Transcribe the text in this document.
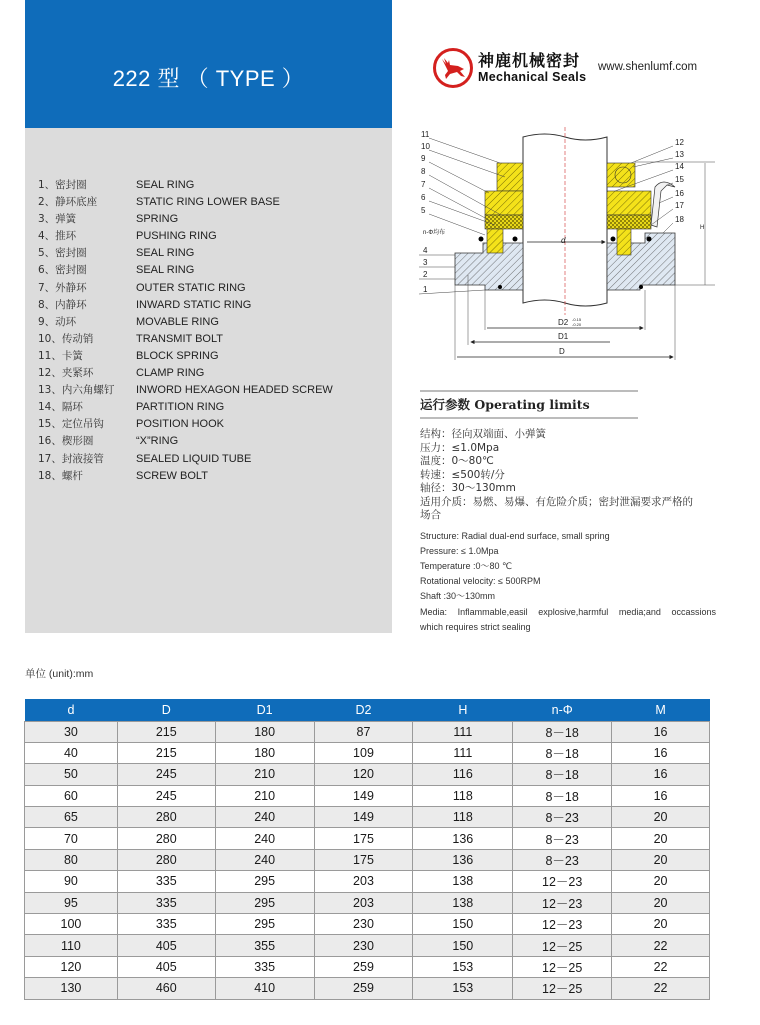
222 型 （ TYPE ）
1、密封圈	SEAL RING
2、静环底座	STATIC RING LOWER BASE
3、弹簧	SPRING
4、推环	PUSHING RING
5、密封圈	SEAL RING
6、密封圈	SEAL RING
7、外静环	OUTER STATIC RING
8、内静环	INWARD STATIC RING
9、动环	MOVABLE RING
10、传动销	TRANSMIT BOLT
11、卡簧	BLOCK SPRING
12、夹紧环	CLAMP RING
13、内六角螺钉 INWORD HEXAGON HEADED SCREW
14、隔环	PARTITION RING
15、定位吊钩	POSITION HOOK
16、楔形圈	“X”RING
17、封液接管	SEALED LIQUID TUBE
18、螺杆	SCREW BOLT
神鹿机械密封
Mechanical Seals
www.shenlumf.com
11
10
9
8
7
6
5
4
3
2
1
n-Φ均布
12
13
14
15
16
17
18
d
D2 -0.15
-0.20
D1
D
H
运行参数 Operating limits
结构：径向双端面、小弹簧
压力：≤1.0Mpa
温度：0～80℃
转速：≤500转/分
轴径：30～130mm
适用介质：易燃、易爆、有危险介质；密封泄漏要求严格的
场合
Structure: Radial dual-end surface, small spring
Pressure: ≤ 1.0Mpa
Temperature :0～80 ℃
Rotational velocity: ≤ 500RPM
Shaft :30～130mm
Media: Inflammable,easil explosive,harmful media;and occassions
which requires strict sealing
单位 (unit):mm
d	D	D1	D2	H	n-Φ	M
30	215	180	87	111	8－18	16
40	215	180	109	111	8－18	16
50	245	210	120	116	8－18	16
60	245	210	149	118	8－18	16
65	280	240	149	118	8－23	20
70	280	240	175	136	8－23	20
80	280	240	175	136	8－23	20
90	335	295	203	138	12－23	20
95	335	295	203	138	12－23	20
100	335	295	230	150	12－23	20
110	405	355	230	150	12－25	22
120	405	335	259	153	12－25	22
130	460	410	259	153	12－25	22
